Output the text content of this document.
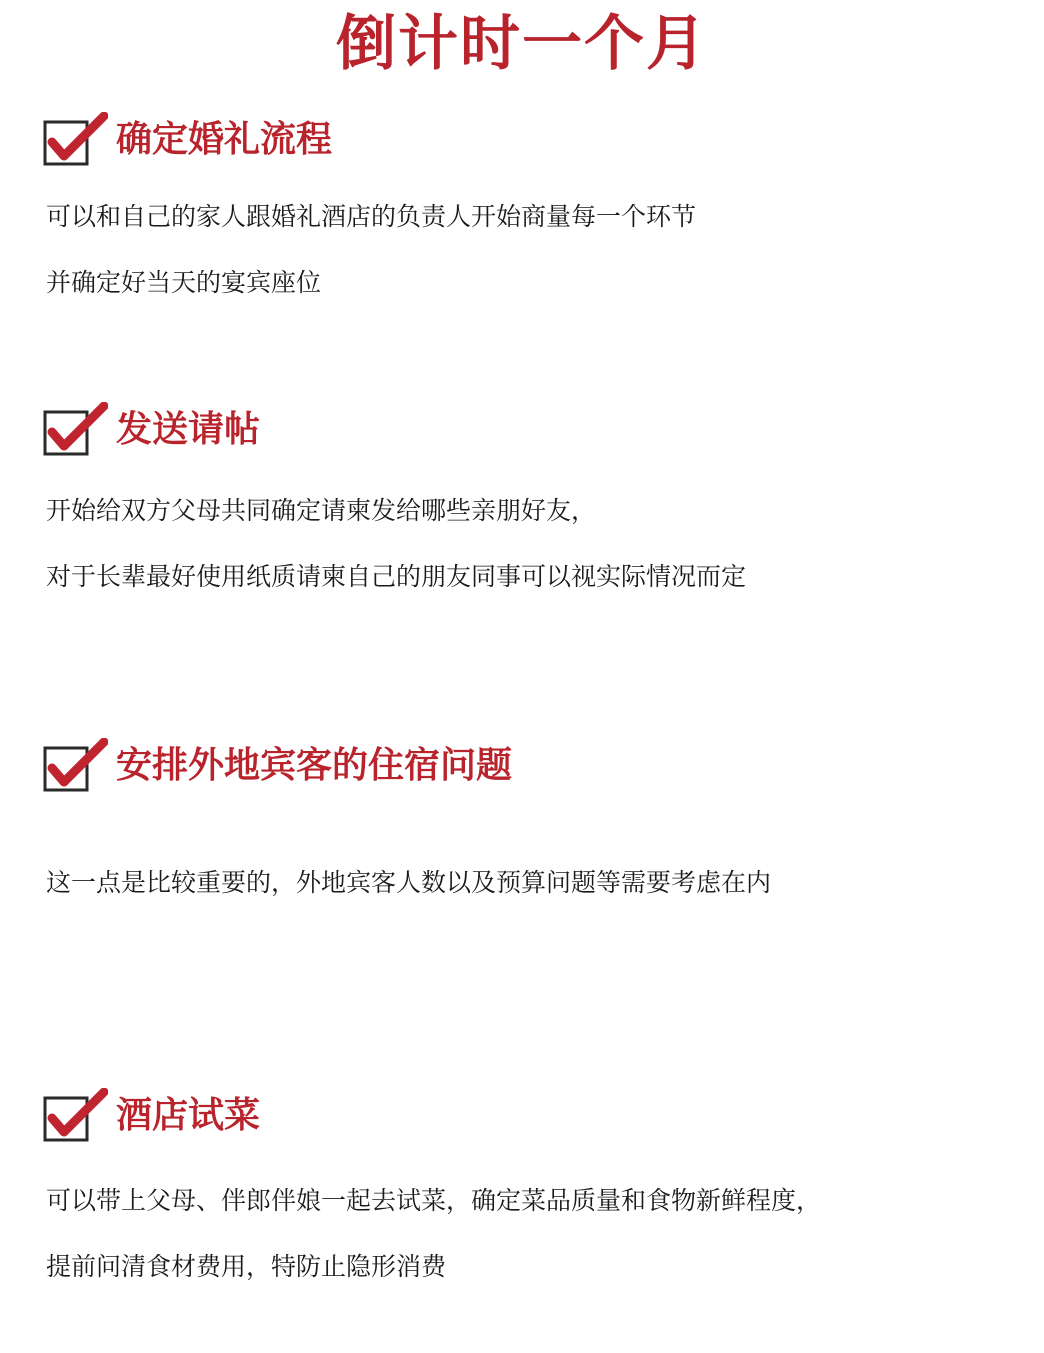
倒计时一个月
确定婚礼流程
可以和自己的家人跟婚礼酒店的负责人开始商量每一个环节
并确定好当天的宴宾座位
发送请帖
开始给双方父母共同确定请柬发给哪些亲朋好友，
对于长辈最好使用纸质请柬自己的朋友同事可以视实际情况而定
安排外地宾客的住宿问题
这一点是比较重要的，外地宾客人数以及预算问题等需要考虑在内
酒店试菜
可以带上父母、伴郎伴娘一起去试菜，确定菜品质量和食物新鲜程度，
提前问清食材费用，特防止隐形消费
